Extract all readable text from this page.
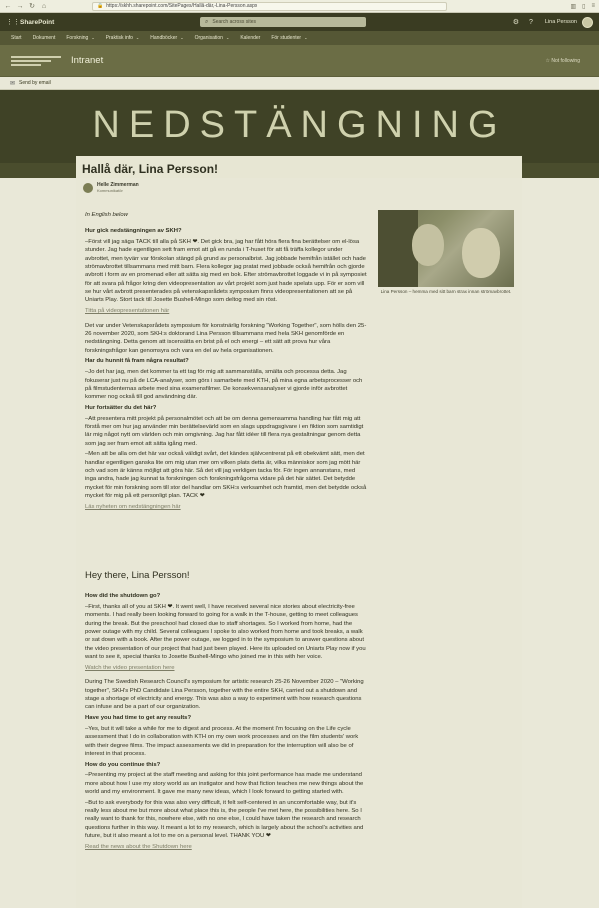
← → ↻ ⌂	🔒 https://skhh.sharepoint.com/SitePages/Hallå-där,-Lina-Persson.aspx	▥ ▯ ≡
⋮⋮ SharePoint	⌕ Search across sites	⚙ ? Lina Persson
Start Dokument Forskning ⌄ Praktisk info ⌄ Handböcker ⌄ Organisation ⌄ Kalender För studenter ⌄
Intranet	☆ Not following
✉ Send by email
NEDSTÄNGNING
Hallå där, Lina Persson!
Helle Zimmerman
Kommunikatör
Lina Persson – hemma med sitt barn strax innan strömavbrottet.

In English below

Hur gick nedstängningen av SKH?

–Först vill jag säga TACK till alla på SKH ❤. Det gick bra, jag har fått höra flera fina berättelser om el-lösa stunder. Jag hade egentligen sett fram emot att gå en runda i T-huset för att få träffa kollegor under avbrottet, men tyvärr var förskolan stängd på grund av personalbrist. Jag jobbade hemifrån istället och hade strömavbrottet tillsammans med mitt barn. Flera kollegor jag pratat med jobbade också hemifrån och gjorde avbrott i form av en promenad eller att sätta sig med en bok. Efter strömavbrottet loggade vi in på symposiet för att svara på frågor kring den videopresentation av vårt projekt som just hade spelats upp. För er som vill se hur vårt avbrott presenterades på vetenskapsrådets symposium finns videopresentationen att se på Uniarts Play. Stort tack till Josette Bushell-Mingo som deltog med sin röst.

Titta på videopresentationen här

Det var under Vetenskapsrådets symposium för konstnärlig forskning "Working Together", som hölls den 25-26 november 2020, som SKH:s doktorand Lina Persson tillsammans med hela SKH genomförde en nedstängning. Detta genom att iscensätta en brist på el och energi – ett sätt att prova hur våra forskningsfrågor kan genomsyra och vara en del av hela organisationen.

Har du hunnit få fram några resultat?

–Jo det har jag, men det kommer ta ett tag för mig att sammanställa, smälta och processa detta. Jag fokuserar just nu på de LCA-analyser, som görs i samarbete med KTH, på mina egna arbetsprocesser och på filmstudenternas arbete med sina examensfilmer. De konsekvensanalyser vi gjorde inför avbrottet kommer nog också till god användning där.

Hur fortsätter du det här?

–Att presentera mitt projekt på personalmötet och att be om denna gemensamma handling har fått mig att förstå mer om hur jag använder min berättelsevärld som en slags uppdragsgivare i en fiktion som samtidigt lär mig något nytt om världen och min omgivning. Jag har fått idéer till flera nya gestaltningar genom detta som jag ser fram emot att sätta igång med.

–Men att be alla om det här var också väldigt svårt, det kändes självcentrerat på ett obekvämt sätt, men det handlar egentligen ganska lite om mig utan mer om vilken plats detta är, vilka människor som jag mött här och vad som är känns möjligt att göra här. Så det vill jag verkligen tacka för. För ingen annanstans, med inga andra, hade jag kunnat ta forskningen och forskningsfrågorna vidare på det här sättet. Det betydde mycket för min forskning som till stor del handlar om SKH:s verksamhet och framtid, men det betydde också mycket för mig på ett personligt plan. TACK ❤

Läs nyheten om nedstängningen här

Hey there, Lina Persson!

How did the shutdown go?

–First, thanks all of you at SKH ❤. It went well, I have received several nice stories about electricity-free moments. I had really been looking forward to going for a walk in the T-house, getting to meet colleagues during the break. But the preschool had closed due to staff shortages. So I worked from home, had the power outage with my child. Several colleagues I spoke to also worked from home and took breaks, a walk or sat down with a book. After the power outage, we logged in to the symposium to answer questions about the video presentation of our project that had just been played. Here its uploaded on Uniarts Play now if you want to see it, special thanks to Josette Bushell-Mingo who joined me in this with her voice.

Watch the video presentation here

During The Swedish Research Council's symposium for artistic research 25-26 November 2020 – "Working together", SKH's PhD Candidate Lina Persson, together with the entire SKH, carried out a shutdown and stage a shortage of electricity and energy. This was also a way to experiment with how research questions can infuse and be a part of our organization.

Have you had time to get any results?

–Yes, but it will take a while for me to digest and process. At the moment I'm focusing on the Life cycle assessment that I do in collaboration with KTH on my own work processes and on the film students' work with their degree films. The impact assessments we did in preparation for the interruption will also be of interest in that process.

How do you continue this?

–Presenting my project at the staff meeting and asking for this joint performance has made me understand more about how I use my story world as an instigator and how that fiction teaches me new things about the world and my environment. It gave me many new ideas, which I look forward to getting started with.

–But to ask everybody for this was also very difficult, it felt self-centered in an uncomfortable way, but it's really less about me but more about what place this is, the people I've met here, the possibilities here. So I really want to thank for this, nowhere else, with no one else, I could have taken the research and research questions further in this way. It meant a lot to my research, which is largely about the school's activities and future, but it also meant a lot to me on a personal level. THANK YOU ❤

Read the news about the Shutdown here
